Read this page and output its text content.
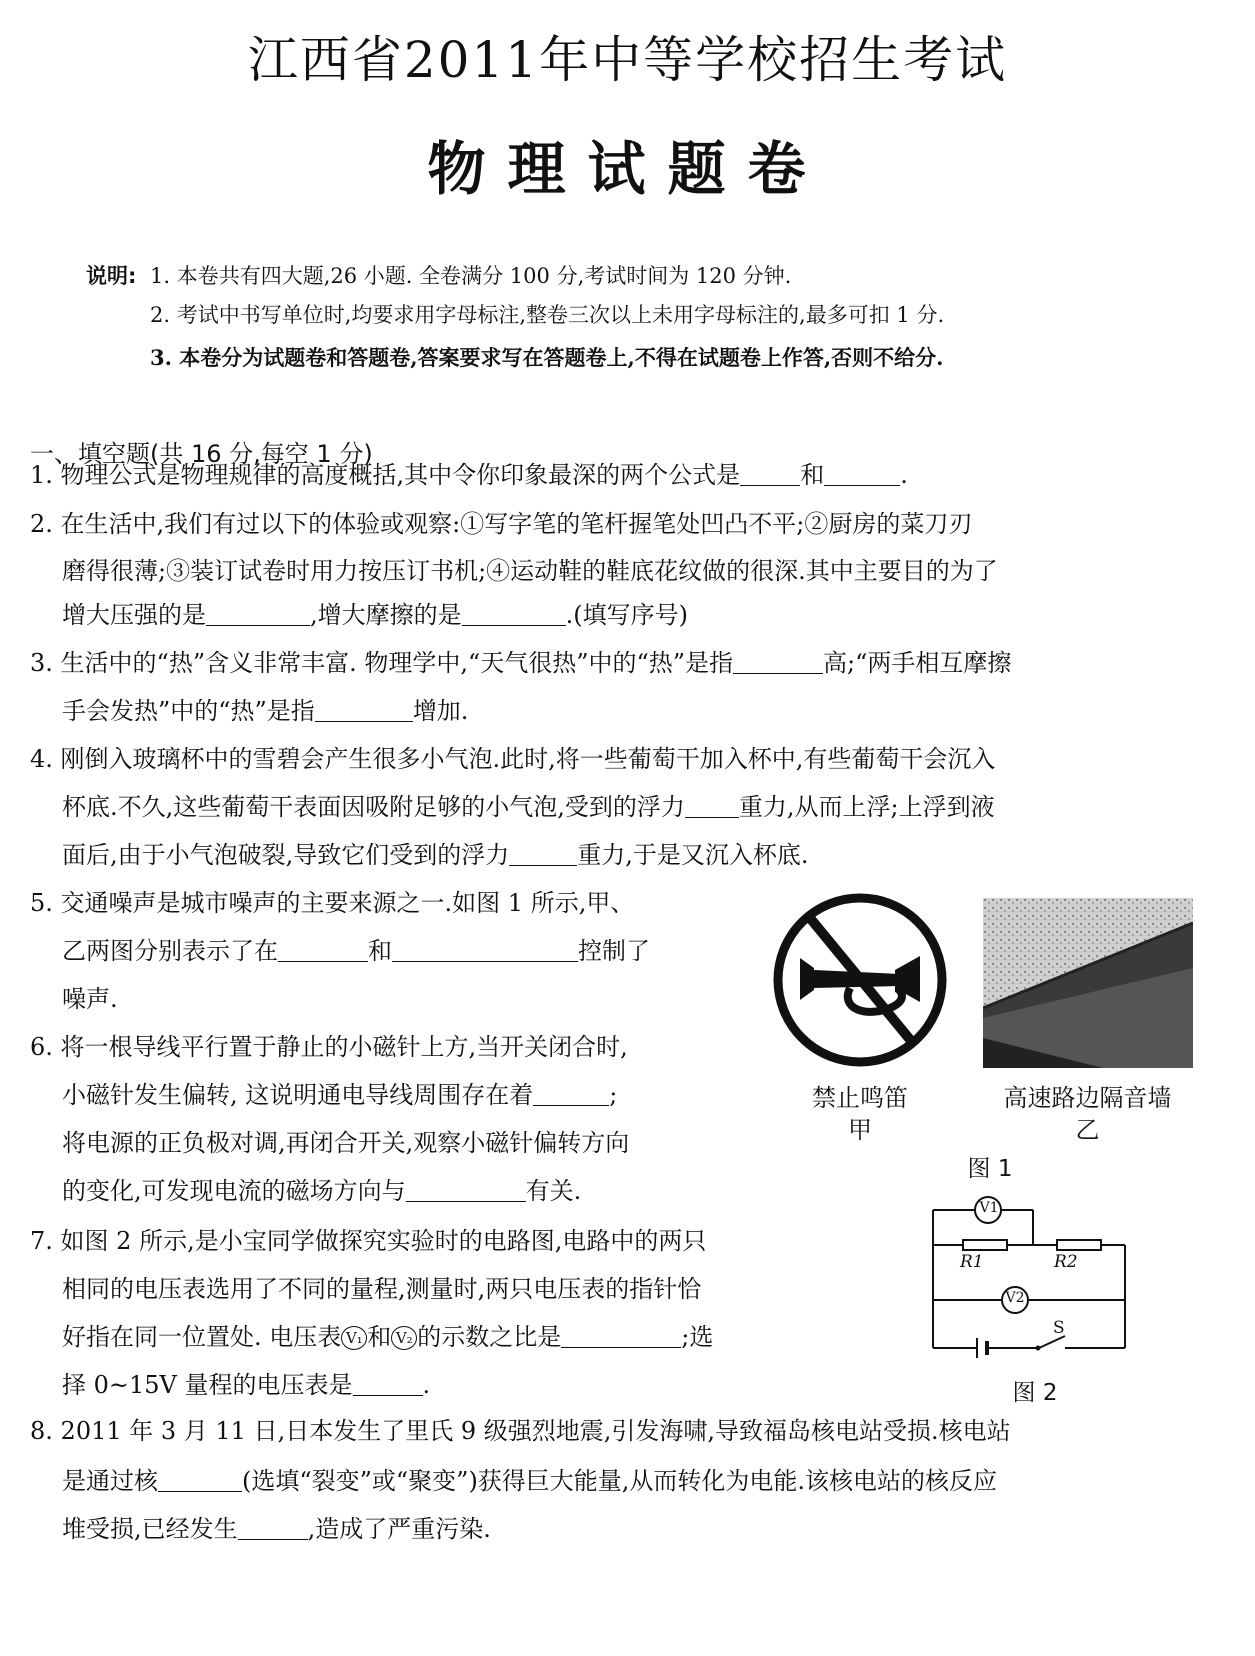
江西省2011年中等学校招生考试
物理试题卷
说明: 1. 本卷共有四大题,26 小题. 全卷满分 100 分,考试时间为 120 分钟.
2. 考试中书写单位时,均要求用字母标注,整卷三次以上未用字母标注的,最多可扣 1 分.
3. 本卷分为试题卷和答题卷,答案要求写在答题卷上,不得在试题卷上作答,否则不给分.
一、填空题(共 16 分,每空 1 分)
1. 物理公式是物理规律的高度概括,其中令你印象最深的两个公式是	和	.
2. 在生活中,我们有过以下的体验或观察:①写字笔的笔杆握笔处凹凸不平;②厨房的菜刀刃
磨得很薄;③装订试卷时用力按压订书机;④运动鞋的鞋底花纹做的很深.其中主要目的为了
增大压强的是	,增大摩擦的是	.(填写序号)
3. 生活中的“热”含义非常丰富. 物理学中,“天气很热”中的“热”是指	高;“两手相互摩擦
手会发热”中的“热”是指	增加.
4. 刚倒入玻璃杯中的雪碧会产生很多小气泡.此时,将一些葡萄干加入杯中,有些葡萄干会沉入
杯底.不久,这些葡萄干表面因吸附足够的小气泡,受到的浮力 重力,从而上浮;上浮到液
面后,由于小气泡破裂,导致它们受到的浮力	重力,于是又沉入杯底.
5. 交通噪声是城市噪声的主要来源之一.如图 1 所示,甲、
乙两图分别表示了在	和	控制了
噪声.
6. 将一根导线平行置于静止的小磁针上方,当开关闭合时,
小磁针发生偏转, 这说明通电导线周围存在着	;
将电源的正负极对调,再闭合开关,观察小磁针偏转方向
的变化,可发现电流的磁场方向与	有关.
7. 如图 2 所示,是小宝同学做探究实验时的电路图,电路中的两只
相同的电压表选用了不同的量程,测量时,两只电压表的指针恰
好指在同一位置处. 电压表 V₁ 和 V₂ 的示数之比是	;选
择 0~15V 量程的电压表是	.
8. 2011 年 3 月 11 日,日本发生了里氏 9 级强烈地震,引发海啸,导致福岛核电站受损.核电站
是通过核	(选填“裂变”或“聚变”)获得巨大能量,从而转化为电能.该核电站的核反应
堆受损,已经发生	,造成了严重污染.
禁止鸣笛
甲
高速路边隔音墙
乙
图 1
V1
V2
R1	R2
S
图 2
